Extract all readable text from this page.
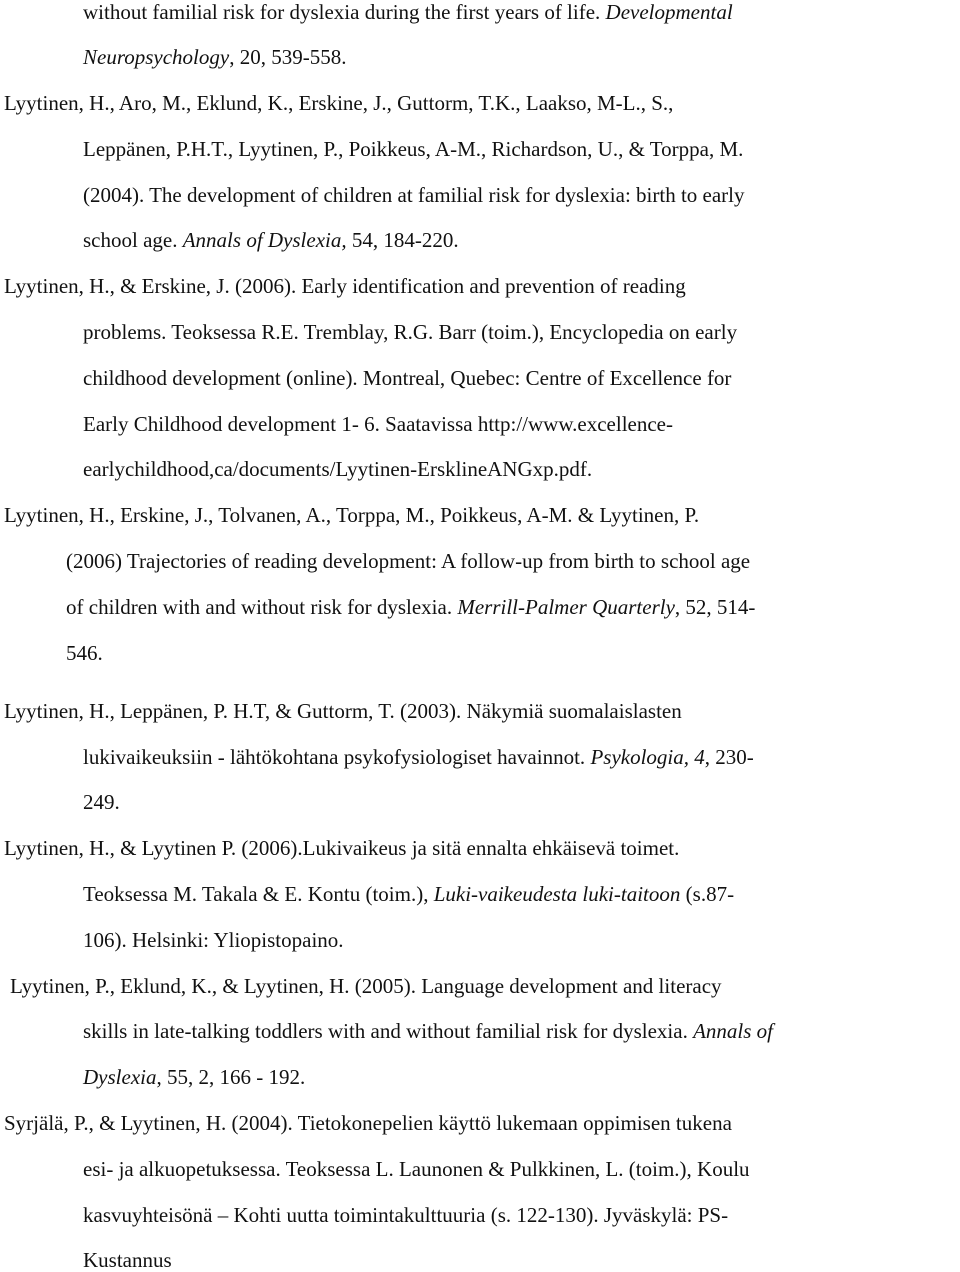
without familial risk for dyslexia during the first years of life. Developmental
Neuropsychology, 20, 539-558.
Lyytinen, H., Aro, M., Eklund, K., Erskine, J., Guttorm, T.K., Laakso, M-L., S.,
Leppänen, P.H.T., Lyytinen, P., Poikkeus, A-M., Richardson, U., & Torppa, M.
(2004). The development of children at familial risk for dyslexia: birth to early
school age. Annals of Dyslexia, 54, 184-220.
Lyytinen, H., & Erskine, J. (2006). Early identification and prevention of reading
problems. Teoksessa R.E. Tremblay, R.G. Barr (toim.), Encyclopedia on early
childhood development (online). Montreal, Quebec: Centre of Excellence for
Early Childhood development 1- 6. Saatavissa http://www.excellence-
earlychildhood,ca/documents/Lyytinen-ErsklineANGxp.pdf.
Lyytinen, H., Erskine, J., Tolvanen, A., Torppa, M., Poikkeus, A-M. & Lyytinen, P.
(2006) Trajectories of reading development: A follow-up from birth to school age
of children with and without risk for dyslexia. Merrill-Palmer Quarterly, 52, 514-
546.
Lyytinen, H., Leppänen, P. H.T, & Guttorm, T. (2003). Näkymiä suomalaislasten
lukivaikeuksiin - lähtökohtana psykofysiologiset havainnot. Psykologia, 4, 230-
249.
Lyytinen, H., & Lyytinen P. (2006).Lukivaikeus ja sitä ennalta ehkäisevä toimet.
Teoksessa M. Takala & E. Kontu (toim.), Luki-vaikeudesta luki-taitoon (s.87-
106). Helsinki: Yliopistopaino.
Lyytinen, P., Eklund, K., & Lyytinen, H. (2005). Language development and literacy
skills in late-talking toddlers with and without familial risk for dyslexia. Annals of
Dyslexia, 55, 2, 166 - 192.
Syrjälä, P., & Lyytinen, H. (2004). Tietokonepelien käyttö lukemaan oppimisen tukena
esi- ja alkuopetuksessa. Teoksessa L. Launonen & Pulkkinen, L. (toim.), Koulu
kasvuyhteisönä – Kohti uutta toimintakulttuuria (s. 122-130). Jyväskylä: PS-
Kustannus
